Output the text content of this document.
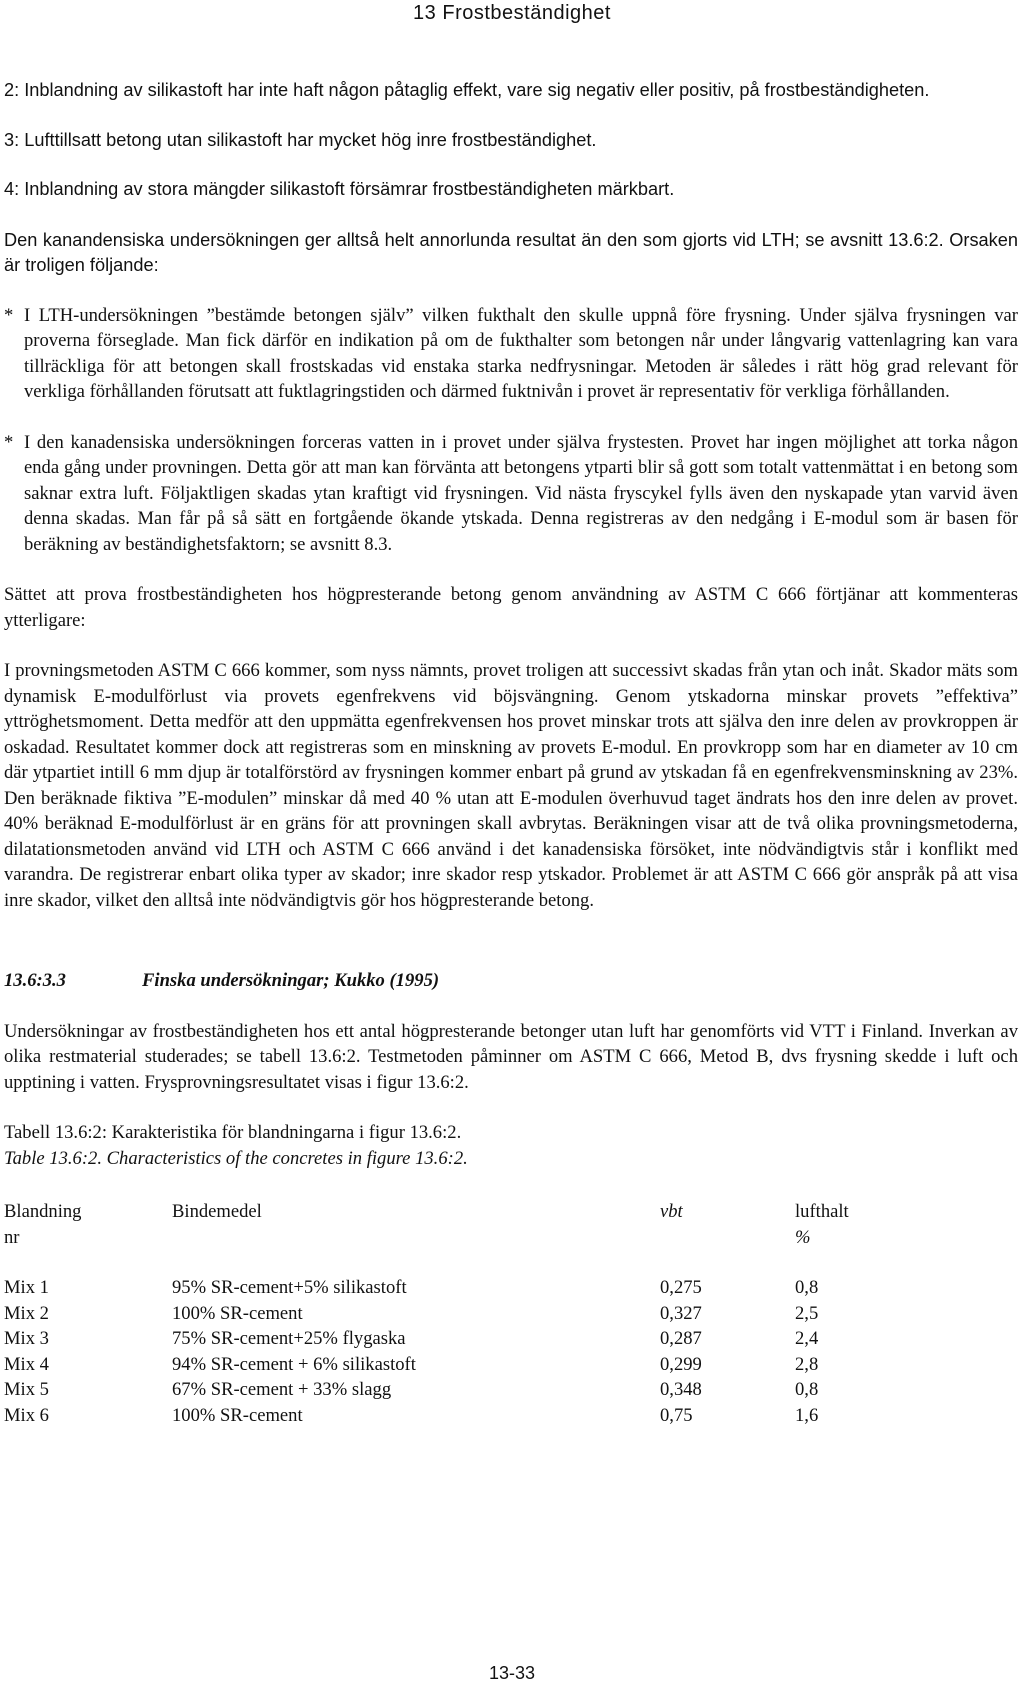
13 Frostbeständighet

2: Inblandning av silikastoft har inte haft någon påtaglig effekt, vare sig negativ eller positiv, på frostbeständigheten.

3: Lufttillsatt betong utan silikastoft har mycket hög inre frostbeständighet.

4: Inblandning av stora mängder silikastoft försämrar frostbeständigheten märkbart.

Den kanandensiska undersökningen ger alltså helt annorlunda resultat än den som gjorts vid LTH; se avsnitt 13.6:2. Orsaken är troligen följande:

* I LTH-undersökningen ”bestämde betongen själv” vilken fukthalt den skulle uppnå före frysning. Under själva frysningen var proverna förseglade. Man fick därför en indikation på om de fukthalter som betongen når under långvarig vattenlagring kan vara tillräckliga för att betongen skall frostskadas vid enstaka starka nedfrysningar. Metoden är således i rätt hög grad relevant för verkliga förhållanden förutsatt att fuktlagringstiden och därmed fuktnivån i provet är representativ för verkliga förhållanden.
* I den kanadensiska undersökningen forceras vatten in i provet under själva frystesten. Provet har ingen möjlighet att torka någon enda gång under provningen. Detta gör att man kan förvänta att betongens ytparti blir så gott som totalt vattenmättat i en betong som saknar extra luft. Följaktligen skadas ytan kraftigt vid frysningen. Vid nästa fryscykel fylls även den nyskapade ytan varvid även denna skadas. Man får på så sätt en fortgående ökande ytskada. Denna registreras av den nedgång i E-modul som är basen för beräkning av beständighetsfaktorn; se avsnitt 8.3.

Sättet att prova frostbeständigheten hos högpresterande betong genom användning av ASTM C 666 förtjänar att kommenteras ytterligare:

I provningsmetoden ASTM C 666 kommer, som nyss nämnts, provet troligen att successivt skadas från ytan och inåt. Skador mäts som dynamisk E-modulförlust via provets egenfrekvens vid böjsvängning. Genom ytskadorna minskar provets ”effektiva” yttröghetsmoment. Detta medför att den uppmätta egenfrekvensen hos provet minskar trots att själva den inre delen av provkroppen är oskadad. Resultatet kommer dock att registreras som en minskning av provets E-modul. En provkropp som har en diameter av 10 cm där ytpartiet intill 6 mm djup är totalförstörd av frysningen kommer enbart på grund av ytskadan få en egenfrekvensminskning av 23%. Den beräknade fiktiva ”E-modulen” minskar då med 40 % utan att E-modulen överhuvud taget ändrats hos den inre delen av provet. 40% beräknad E-modulförlust är en gräns för att provningen skall avbrytas. Beräkningen visar att de två olika provningsmetoderna, dilatationsmetoden använd vid LTH och ASTM C 666 använd i det kanadensiska försöket, inte nödvändigtvis står i konflikt med varandra. De registrerar enbart olika typer av skador; inre skador resp ytskador. Problemet är att ASTM C 666 gör anspråk på att visa inre skador, vilket den alltså inte nödvändigtvis gör hos högpresterande betong.

13.6:3.3	Finska undersökningar; Kukko (1995)

Undersökningar av frostbeständigheten hos ett antal högpresterande betonger utan luft har genomförts vid VTT i Finland. Inverkan av olika restmaterial studerades; se tabell 13.6:2. Testmetoden påminner om ASTM C 666, Metod B, dvs frysning skedde i luft och upptining i vatten. Frysprovningsresultatet visas i figur 13.6:2.

Tabell 13.6:2: Karakteristika för blandningarna i figur 13.6:2.
Table 13.6:2. Characteristics of the concretes in figure 13.6:2.
Blandning	Bindemedel	vbt	lufthalt
nr			%

Mix 1	95% SR-cement+5% silikastoft	0,275	0,8
Mix 2	100% SR-cement	0,327	2,5
Mix 3	75% SR-cement+25% flygaska	0,287	2,4
Mix 4	94% SR-cement + 6% silikastoft	0,299	2,8
Mix 5	67% SR-cement + 33% slagg	0,348	0,8
Mix 6	100% SR-cement	0,75	1,6
13-33
